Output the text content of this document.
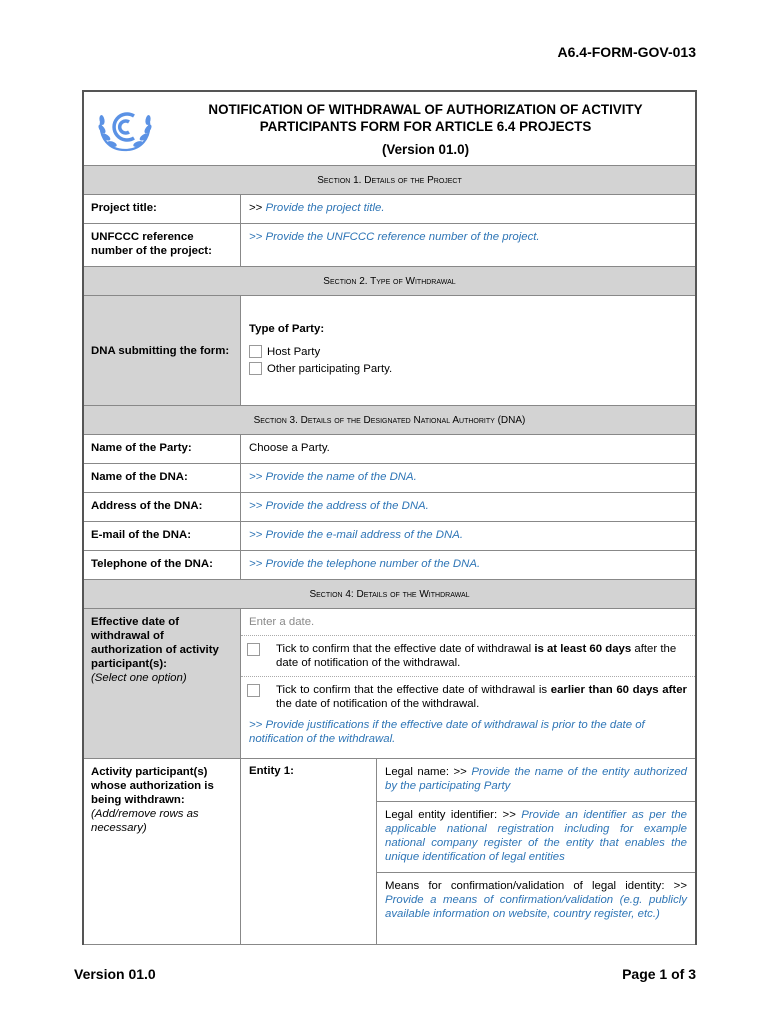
A6.4-FORM-GOV-013
NOTIFICATION OF WITHDRAWAL OF AUTHORIZATION OF ACTIVITY
PARTICIPANTS FORM FOR ARTICLE 6.4 PROJECTS
(Version 01.0)
Section 1. Details of the Project
Project title:	>> Provide the project title.
UNFCCC reference number of the project:
>> Provide the UNFCCC reference number of the project.
Section 2. Type of Withdrawal
DNA submitting the form:
Type of Party:
Host Party
Other participating Party.
Section 3. Details of the Designated National Authority (DNA)
Name of the Party:	Choose a Party.
Name of the DNA:	>> Provide the name of the DNA.
Address of the DNA:	>> Provide the address of the DNA.
E-mail of the DNA:	>> Provide the e-mail address of the DNA.
Telephone of the DNA:	>> Provide the telephone number of the DNA.
Section 4: Details of the Withdrawal
Effective date of withdrawal of authorization of activity participant(s):
(Select one option)
Enter a date.
Tick to confirm that the effective date of withdrawal is at least 60 days after the date of notification of the withdrawal.
Tick to confirm that the effective date of withdrawal is earlier than 60 days after the date of notification of the withdrawal.
>> Provide justifications if the effective date of withdrawal is prior to the date of notification of the withdrawal.
Activity participant(s) whose authorization is being withdrawn:
(Add/remove rows as necessary)
Entity 1:	Legal name: >> Provide the name of the entity authorized by the participating Party
Legal entity identifier: >> Provide an identifier as per the applicable national registration including for example national company register of the entity that enables the unique identification of legal entities
Means for confirmation/validation of legal identity: >> Provide a means of confirmation/validation (e.g. publicly available information on website, country register, etc.)
Version 01.0	Page 1 of 3
